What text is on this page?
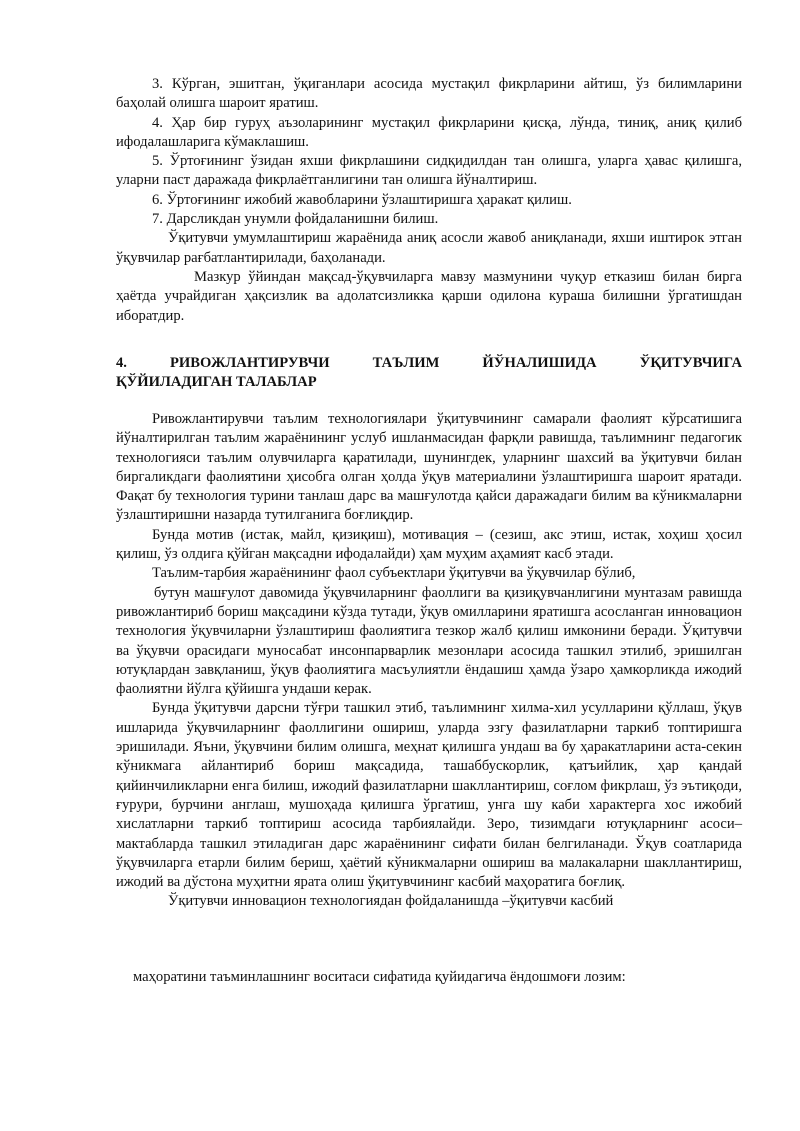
3. Кўрган, эшитган, ўқиганлари асосида мустақил фикрларини айтиш, ўз билимларини баҳолай олишга шароит яратиш.

4. Ҳар бир гуруҳ аъзоларининг мустақил фикрларини қисқа, лўнда, тиниқ, аниқ қилиб ифодалашларига кўмаклашиш.

5. Ўртоғининг ўзидан яхши фикрлашини сидқидилдан тан олишга, уларга ҳавас қилишга, уларни паст даражада фикрлаётганлигини тан олишга йўналтириш.

6. Ўртоғининг ижобий жавобларини ўзлаштиришга ҳаракат қилиш.

7. Дарсликдан унумли фойдаланишни билиш.

Ўқитувчи умумлаштириш жараёнида аниқ асосли жавоб аниқланади, яхши иштирок этган ўқувчилар рағбатлантирилади, баҳоланади.

Мазкур ўйиндан мақсад-ўқувчиларга мавзу мазмунини чуқур етказиш билан бирга ҳаётда учрайдиган ҳақсизлик ва адолатсизликка қарши одилона кураша билишни ўргатишдан иборатдир.

4. РИВОЖЛАНТИРУВЧИ ТАЪЛИМ ЙЎНАЛИШИДА ЎҚИТУВЧИГА
ҚЎЙИЛАДИГАН ТАЛАБЛАР

Ривожлантирувчи таълим технологиялари ўқитувчининг самарали фаолият кўрсатишига йўналтирилган таълим жараёнининг услуб ишланмасидан фарқли равишда, таълимнинг педагогик технологияси таълим олувчиларга қаратилади, шунингдек, уларнинг шахсий ва ўқитувчи билан биргаликдаги фаолиятини ҳисобга олган ҳолда ўқув материалини ўзлаштиришга шароит яратади. Фақат бу технология турини танлаш дарс ва машғулотда қайси даражадаги билим ва кўникмаларни ўзлаштиришни назарда тутилганига боғлиқдир.

Бунда мотив (истак, майл, қизиқиш), мотивация – (сезиш, акс этиш, истак, хоҳиш ҳосил қилиш, ўз олдига қўйган мақсадни ифодалайди) ҳам муҳим аҳамият касб этади.

Таълим-тарбия жараёнининг фаол субъектлари ўқитувчи ва ўқувчилар бўлиб,

бутун машғулот давомида ўқувчиларнинг фаоллиги ва қизиқувчанлигини мунтазам равишда ривожлантириб бориш мақсадини кўзда тутади, ўқув омилларини яратишга асосланган инновацион технология ўқувчиларни ўзлаштириш фаолиятига тезкор жалб қилиш имконини беради. Ўқитувчи ва ўқувчи орасидаги муносабат инсонпарварлик мезонлари асосида ташкил этилиб, эришилган ютуқлардан завқланиш, ўқув фаолиятига масъулиятли ёндашиш ҳамда ўзаро ҳамкорликда ижодий фаолиятни йўлга қўйишга ундаши керак.

Бунда ўқитувчи дарсни тўғри ташкил этиб, таълимнинг хилма-хил усулларини қўллаш, ўқув ишларида ўқувчиларнинг фаоллигини ошириш, уларда эзгу фазилатларни таркиб топтиришга эришилади. Яъни, ўқувчини билим олишга, меҳнат қилишга ундаш ва бу ҳаракатларини аста-секин кўникмага айлантириб бориш мақсадида, ташаббускорлик, қатъийлик, ҳар қандай қийинчиликларни енга билиш, ижодий фазилатларни шакллантириш, соғлом фикрлаш, ўз эътиқоди, ғурури, бурчини англаш, мушоҳада қилишга ўргатиш, унга шу каби характерга хос ижобий хислатларни таркиб топтириш асосида тарбиялайди. Зеро, тизимдаги ютуқларнинг асоси–мактабларда ташкил этиладиган дарс жараёнининг сифати билан белгиланади. Ўқув соатларида ўқувчиларга етарли билим бериш, ҳаётий кўникмаларни ошириш ва малакаларни шакллантириш, ижодий ва дўстона муҳитни ярата олиш ўқитувчининг касбий маҳоратига боғлиқ.

Ўқитувчи инновацион технологиядан фойдаланишда –ўқитувчи касбий

маҳоратини таъминлашнинг воситаси сифатида қуйидагича ёндошмоғи лозим:
